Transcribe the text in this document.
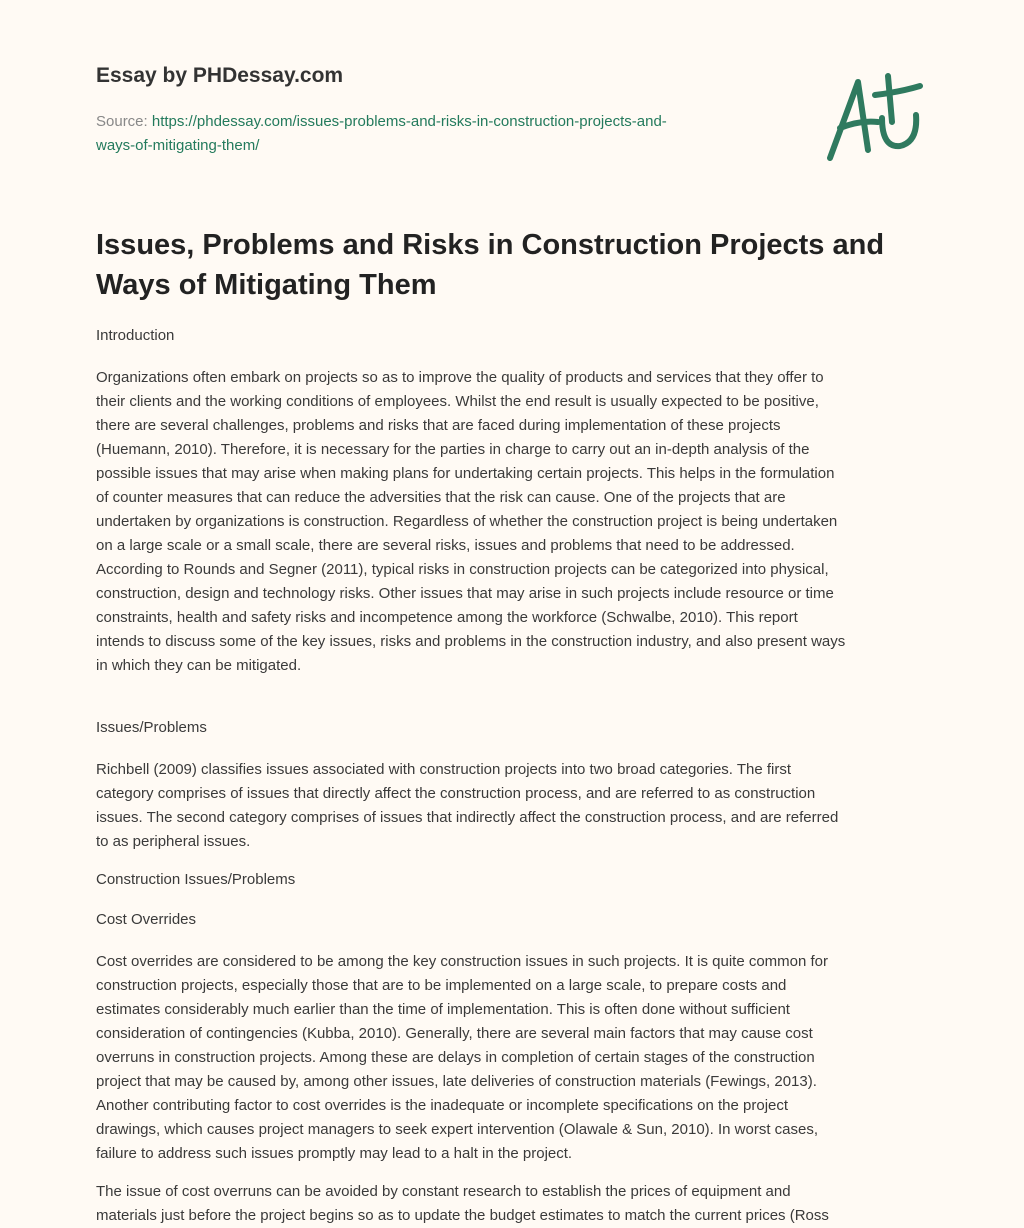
Essay by PHDessay.com
Source: https://phdessay.com/issues-problems-and-risks-in-construction-projects-and-
ways-of-mitigating-them/
Issues, Problems and Risks in Construction Projects and
Ways of Mitigating Them
Introduction
Organizations often embark on projects so as to improve the quality of products and services that they offer to
their clients and the working conditions of employees. Whilst the end result is usually expected to be positive,
there are several challenges, problems and risks that are faced during implementation of these projects
(Huemann, 2010). Therefore, it is necessary for the parties in charge to carry out an in-depth analysis of the
possible issues that may arise when making plans for undertaking certain projects. This helps in the formulation
of counter measures that can reduce the adversities that the risk can cause. One of the projects that are
undertaken by organizations is construction. Regardless of whether the construction project is being undertaken
on a large scale or a small scale, there are several risks, issues and problems that need to be addressed.
According to Rounds and Segner (2011), typical risks in construction projects can be categorized into physical,
construction, design and technology risks. Other issues that may arise in such projects include resource or time
constraints, health and safety risks and incompetence among the workforce (Schwalbe, 2010). This report
intends to discuss some of the key issues, risks and problems in the construction industry, and also present ways
in which they can be mitigated.
Issues/Problems
Richbell (2009) classifies issues associated with construction projects into two broad categories. The first
category comprises of issues that directly affect the construction process, and are referred to as construction
issues. The second category comprises of issues that indirectly affect the construction process, and are referred
to as peripheral issues.
Construction Issues/Problems
Cost Overrides
Cost overrides are considered to be among the key construction issues in such projects. It is quite common for
construction projects, especially those that are to be implemented on a large scale, to prepare costs and
estimates considerably much earlier than the time of implementation. This is often done without sufficient
consideration of contingencies (Kubba, 2010). Generally, there are several main factors that may cause cost
overruns in construction projects. Among these are delays in completion of certain stages of the construction
project that may be caused by, among other issues, late deliveries of construction materials (Fewings, 2013).
Another contributing factor to cost overrides is the inadequate or incomplete specifications on the project
drawings, which causes project managers to seek expert intervention (Olawale & Sun, 2010). In worst cases,
failure to address such issues promptly may lead to a halt in the project.
The issue of cost overruns can be avoided by constant research to establish the prices of equipment and
materials just before the project begins so as to update the budget estimates to match the current prices (Ross
